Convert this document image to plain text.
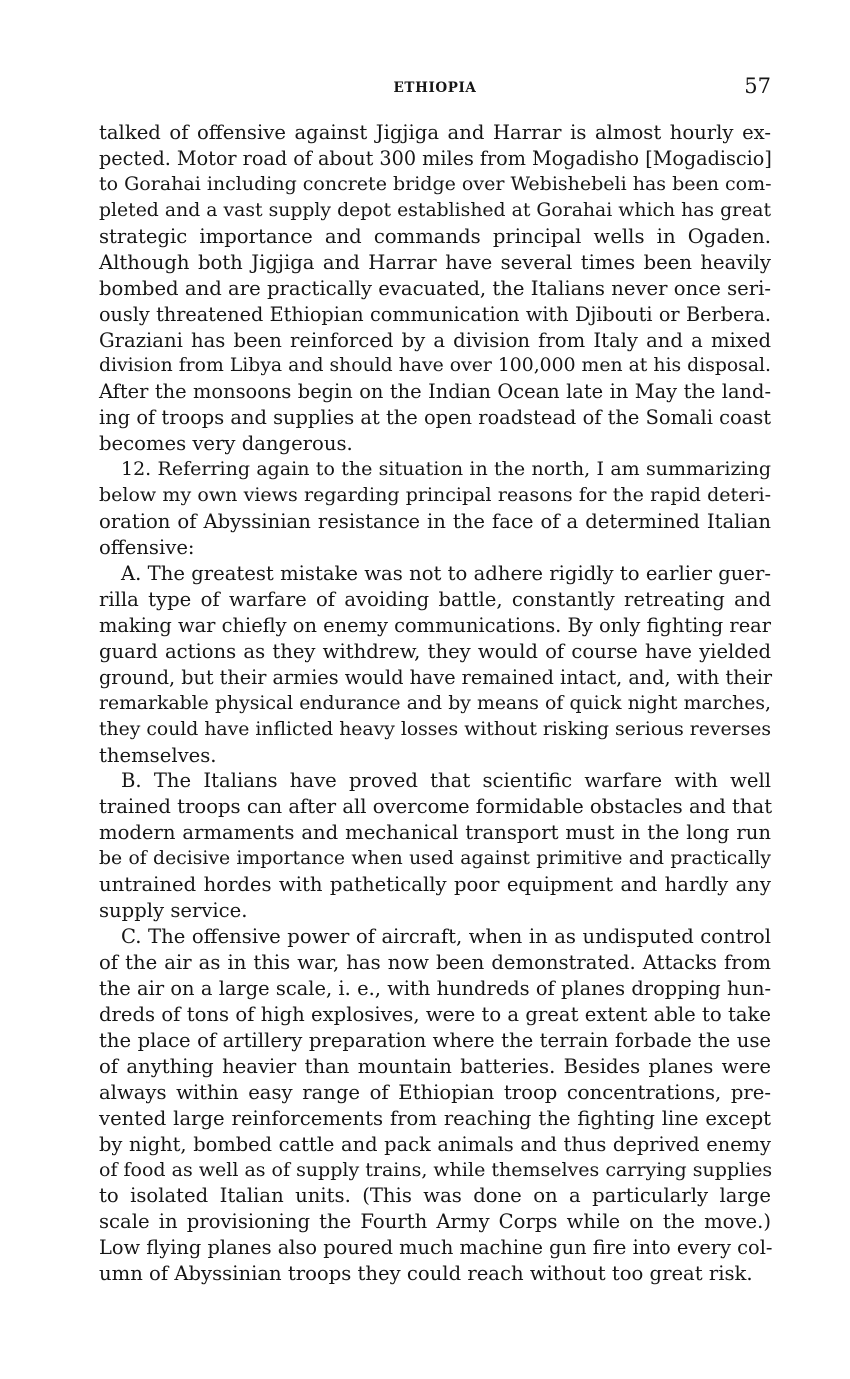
ETHIOPIA	57
talked of offensive against Jigjiga and Harrar is almost hourly ex-
pected. Motor road of about 300 miles from Mogadisho [Mogadiscio]
to Gorahai including concrete bridge over Webishebeli has been com-
pleted and a vast supply depot established at Gorahai which has great
strategic importance and commands principal wells in Ogaden.
Although both Jigjiga and Harrar have several times been heavily
bombed and are practically evacuated, the Italians never once seri-
ously threatened Ethiopian communication with Djibouti or Berbera.
Graziani has been reinforced by a division from Italy and a mixed
division from Libya and should have over 100,000 men at his disposal.
After the monsoons begin on the Indian Ocean late in May the land-
ing of troops and supplies at the open roadstead of the Somali coast
becomes very dangerous.
12. Referring again to the situation in the north, I am summarizing
below my own views regarding principal reasons for the rapid deteri-
oration of Abyssinian resistance in the face of a determined Italian
offensive:
A. The greatest mistake was not to adhere rigidly to earlier guer-
rilla type of warfare of avoiding battle, constantly retreating and
making war chiefly on enemy communications. By only fighting rear
guard actions as they withdrew, they would of course have yielded
ground, but their armies would have remained intact, and, with their
remarkable physical endurance and by means of quick night marches,
they could have inflicted heavy losses without risking serious reverses
themselves.
B. The Italians have proved that scientific warfare with well
trained troops can after all overcome formidable obstacles and that
modern armaments and mechanical transport must in the long run
be of decisive importance when used against primitive and practically
untrained hordes with pathetically poor equipment and hardly any
supply service.
C. The offensive power of aircraft, when in as undisputed control
of the air as in this war, has now been demonstrated. Attacks from
the air on a large scale, i. e., with hundreds of planes dropping hun-
dreds of tons of high explosives, were to a great extent able to take
the place of artillery preparation where the terrain forbade the use
of anything heavier than mountain batteries. Besides planes were
always within easy range of Ethiopian troop concentrations, pre-
vented large reinforcements from reaching the fighting line except
by night, bombed cattle and pack animals and thus deprived enemy
of food as well as of supply trains, while themselves carrying supplies
to isolated Italian units. (This was done on a particularly large
scale in provisioning the Fourth Army Corps while on the move.)
Low flying planes also poured much machine gun fire into every col-
umn of Abyssinian troops they could reach without too great risk.
